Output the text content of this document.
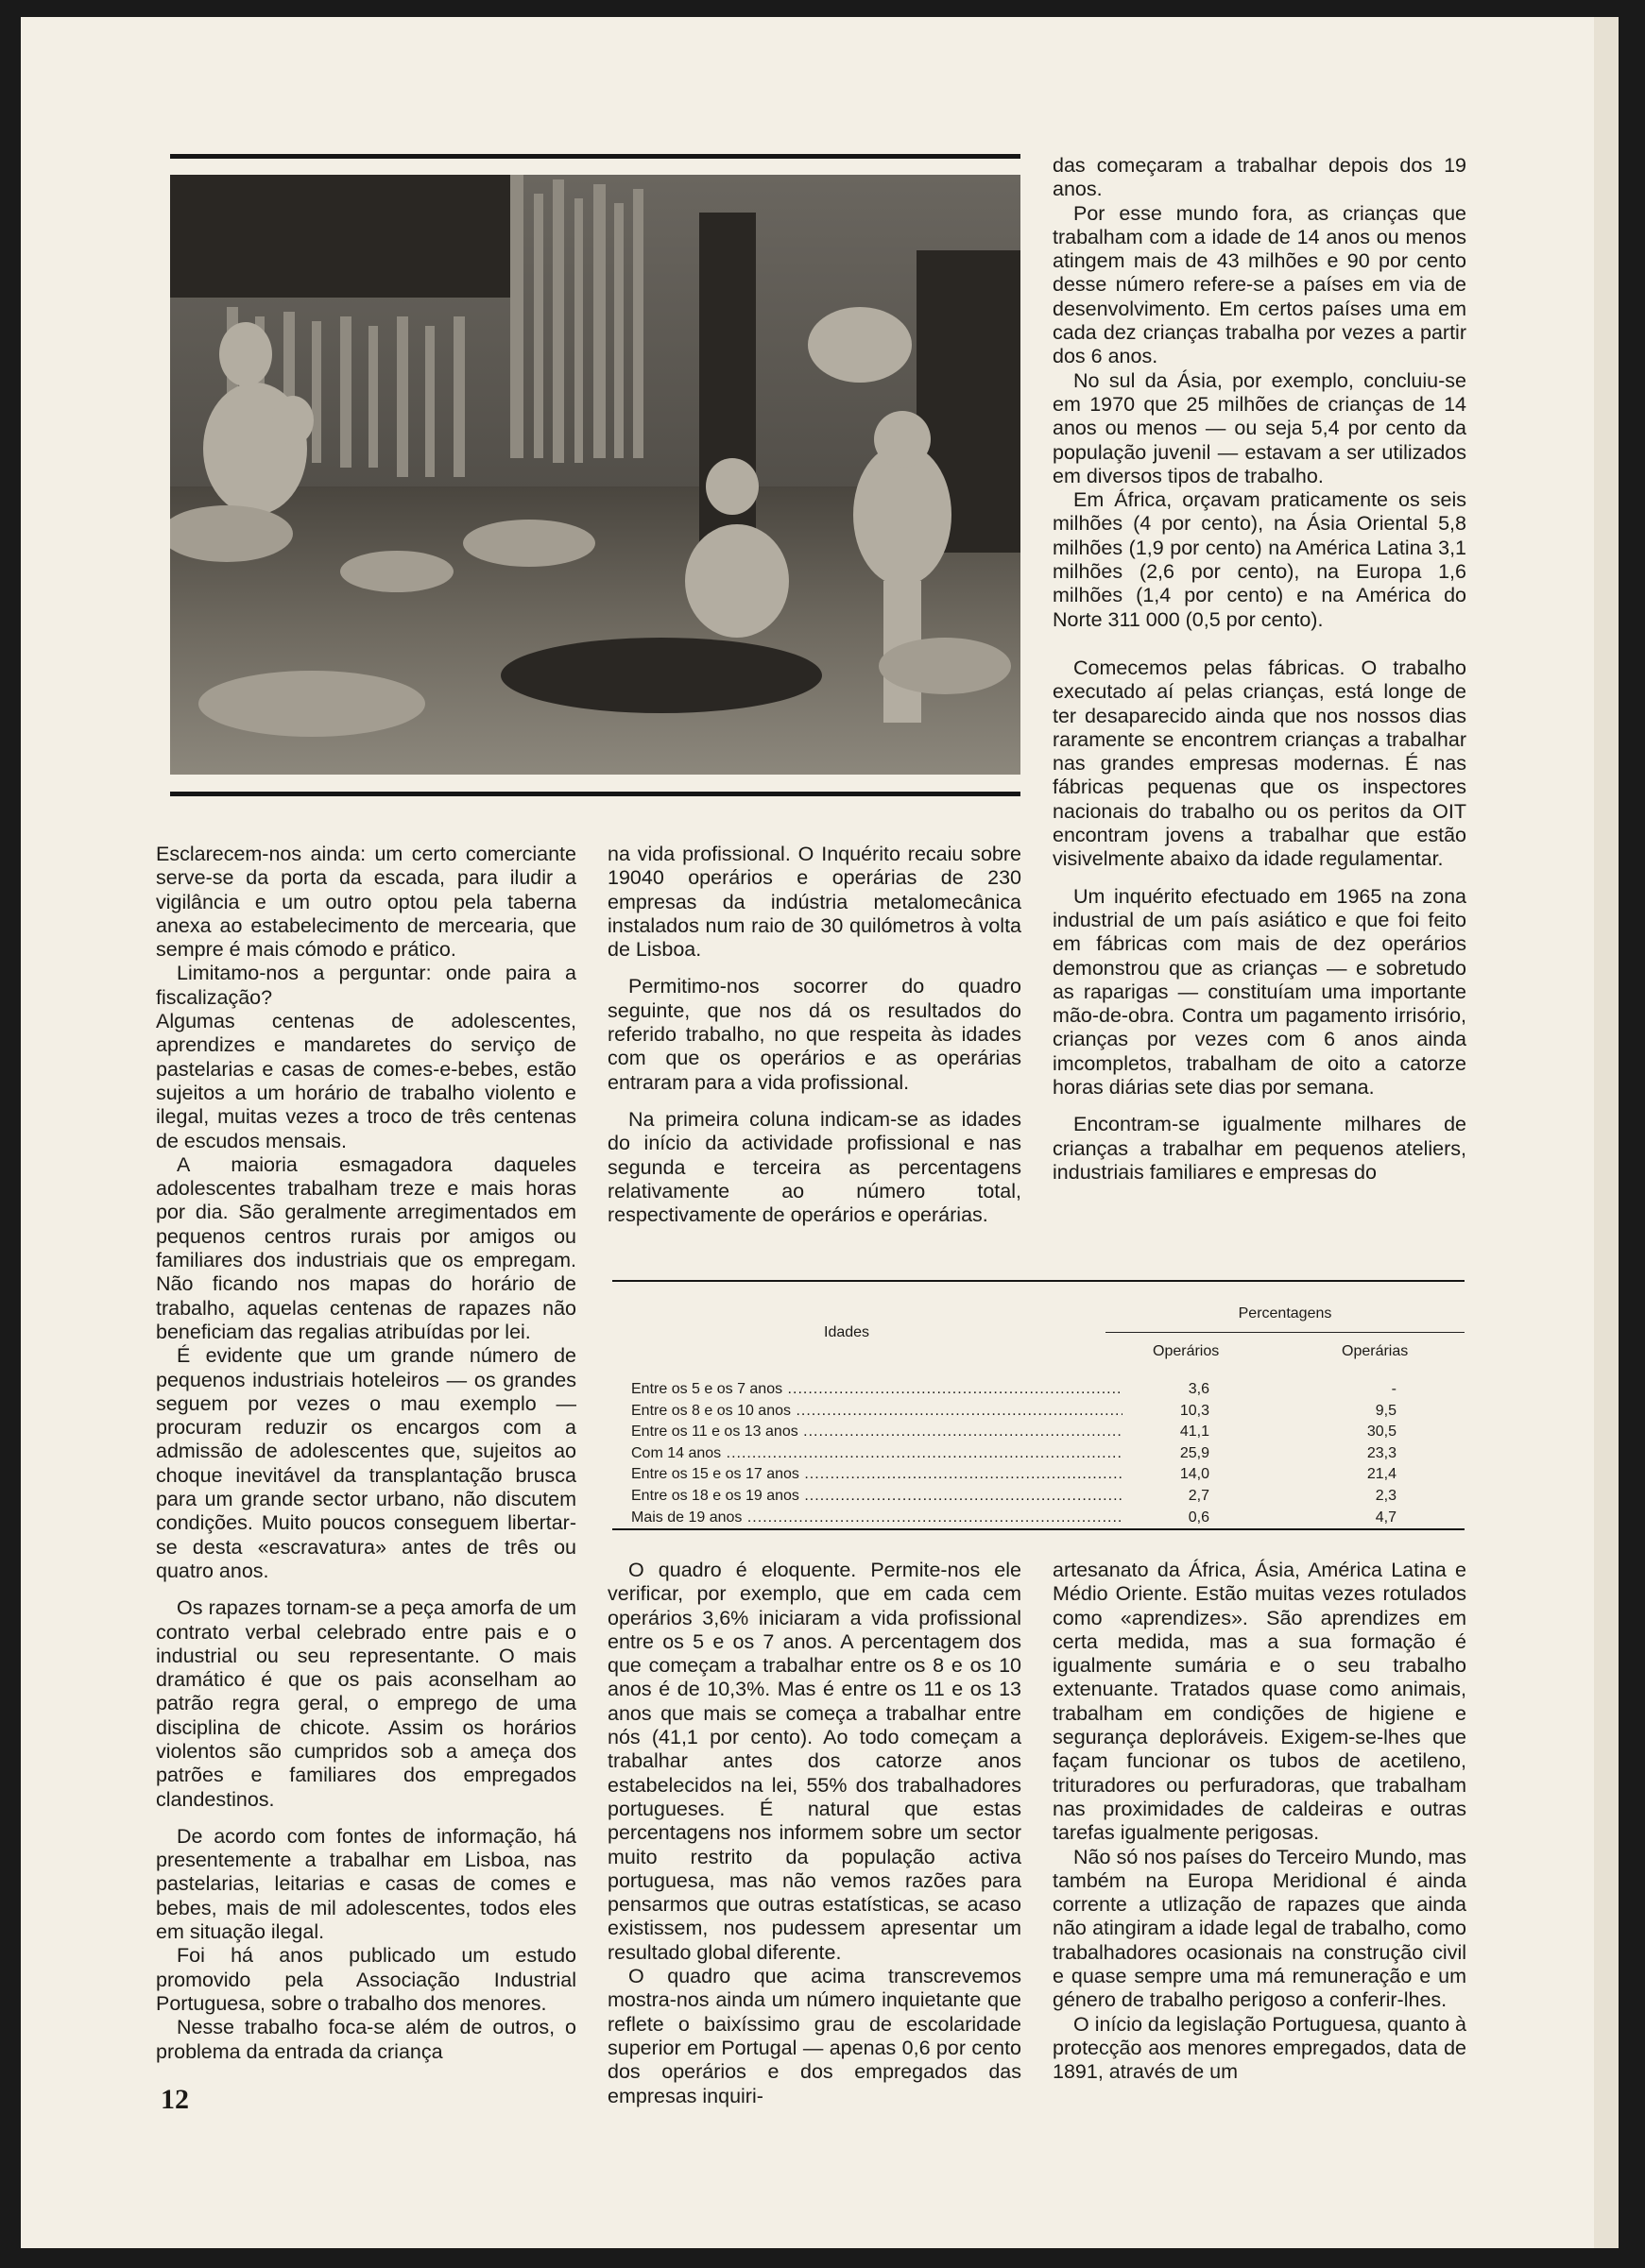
Esclarecem-nos ainda: um certo comerciante serve-se da porta da escada, para iludir a vigilância e um outro optou pela taberna anexa ao estabelecimento de mercearia, que sempre é mais cómodo e prático.

Limitamo-nos a perguntar: onde paira a fiscalização?

Algumas centenas de adolescentes, aprendizes e mandaretes do serviço de pastelarias e casas de comes-e-bebes, estão sujeitos a um horário de trabalho violento e ilegal, muitas vezes a troco de três centenas de escudos mensais.

A maioria esmagadora daqueles adolescentes trabalham treze e mais horas por dia. São geralmente arregimentados em pequenos centros rurais por amigos ou familiares dos industriais que os empregam. Não ficando nos mapas do horário de trabalho, aquelas centenas de rapazes não beneficiam das regalias atribuídas por lei.

É evidente que um grande número de pequenos industriais hoteleiros — os grandes seguem por vezes o mau exemplo — procuram reduzir os encargos com a admissão de adolescentes que, sujeitos ao choque inevitável da transplantação brusca para um grande sector urbano, não discutem condições. Muito poucos conseguem libertar-se desta «escravatura» antes de três ou quatro anos.

Os rapazes tornam-se a peça amorfa de um contrato verbal celebrado entre pais e o industrial ou seu representante. O mais dramático é que os pais aconselham ao patrão regra geral, o emprego de uma disciplina de chicote. Assim os horários violentos são cumpridos sob a ameça dos patrões e familiares dos empregados clandestinos.

De acordo com fontes de informação, há presentemente a trabalhar em Lisboa, nas pastelarias, leitarias e casas de comes e bebes, mais de mil adolescentes, todos eles em situação ilegal.

Foi há anos publicado um estudo promovido pela Associação Industrial Portuguesa, sobre o trabalho dos menores.

Nesse trabalho foca-se além de outros, o problema da entrada da criança

na vida profissional. O Inquérito recaiu sobre 19040 operários e operárias de 230 empresas da indústria metalomecânica instalados num raio de 30 quilómetros à volta de Lisboa.

Permitimo-nos socorrer do quadro seguinte, que nos dá os resultados do referido trabalho, no que respeita às idades com que os operários e as operárias entraram para a vida profissional.

Na primeira coluna indicam-se as idades do início da actividade profissional e nas segunda e terceira as percentagens relativamente ao número total, respectivamente de operários e operárias.

das começaram a trabalhar depois dos 19 anos.

Por esse mundo fora, as crianças que trabalham com a idade de 14 anos ou menos atingem mais de 43 milhões e 90 por cento desse número refere-se a países em via de desenvolvimento. Em certos países uma em cada dez crianças trabalha por vezes a partir dos 6 anos.

No sul da Ásia, por exemplo, concluiu-se em 1970 que 25 milhões de crianças de 14 anos ou menos — ou seja 5,4 por cento da população juvenil — estavam a ser utilizados em diversos tipos de trabalho.

Em África, orçavam praticamente os seis milhões (4 por cento), na Ásia Oriental 5,8 milhões (1,9 por cento) na América Latina 3,1 milhões (2,6 por cento), na Europa 1,6 milhões (1,4 por cento) e na América do Norte 311 000 (0,5 por cento).

Comecemos pelas fábricas. O trabalho executado aí pelas crianças, está longe de ter desaparecido ainda que nos nossos dias raramente se encontrem crianças a trabalhar nas grandes empresas modernas. É nas fábricas pequenas que os inspectores nacionais do trabalho ou os peritos da OIT encontram jovens a trabalhar que estão visivelmente abaixo da idade regulamentar.

Um inquérito efectuado em 1965 na zona industrial de um país asiático e que foi feito em fábricas com mais de dez operários demonstrou que as crianças — e sobretudo as raparigas — constituíam uma importante mão-de-obra. Contra um pagamento irrisório, crianças por vezes com 6 anos ainda imcompletos, trabalham de oito a catorze horas diárias sete dias por semana.

Encontram-se igualmente milhares de crianças a trabalhar em pequenos ateliers, industriais familiares e empresas do

Idades
Percentagens
Operários	Operárias
Entre os 5 e os 7 anos .....	3,6	-
Entre os 8 e os 10 anos .....	10,3	9,5
Entre os 11 e os 13 anos .....	41,1	30,5
Com 14 anos .....	25,9	23,3
Entre os 15 e os 17 anos .....	14,0	21,4
Entre os 18 e os 19 anos .....	2,7	2,3
Mais de 19 anos .....	0,6	4,7

O quadro é eloquente. Permite-nos ele verificar, por exemplo, que em cada cem operários 3,6% iniciaram a vida profissional entre os 5 e os 7 anos. A percentagem dos que começam a trabalhar entre os 8 e os 10 anos é de 10,3%. Mas é entre os 11 e os 13 anos que mais se começa a trabalhar entre nós (41,1 por cento). Ao todo começam a trabalhar antes dos catorze anos estabelecidos na lei, 55% dos trabalhadores portugueses. É natural que estas percentagens nos informem sobre um sector muito restrito da população activa portuguesa, mas não vemos razões para pensarmos que outras estatísticas, se acaso existissem, nos pudessem apresentar um resultado global diferente.

O quadro que acima transcrevemos mostra-nos ainda um número inquietante que reflete o baixíssimo grau de escolaridade superior em Portugal — apenas 0,6 por cento dos operários e dos empregados das empresas inquiri-

artesanato da África, Ásia, América Latina e Médio Oriente. Estão muitas vezes rotulados como «aprendizes». São aprendizes em certa medida, mas a sua formação é igualmente sumária e o seu trabalho extenuante. Tratados quase como animais, trabalham em condições de higiene e segurança deploráveis. Exigem-se-lhes que façam funcionar os tubos de acetileno, trituradores ou perfuradoras, que trabalham nas proximidades de caldeiras e outras tarefas igualmente perigosas.

Não só nos países do Terceiro Mundo, mas também na Europa Meridional é ainda corrente a utlização de rapazes que ainda não atingiram a idade legal de trabalho, como trabalhadores ocasionais na construção civil e quase sempre uma má remuneração e um género de trabalho perigoso a conferir-lhes.

O início da legislação Portuguesa, quanto à protecção aos menores empregados, data de 1891, através de um

12
